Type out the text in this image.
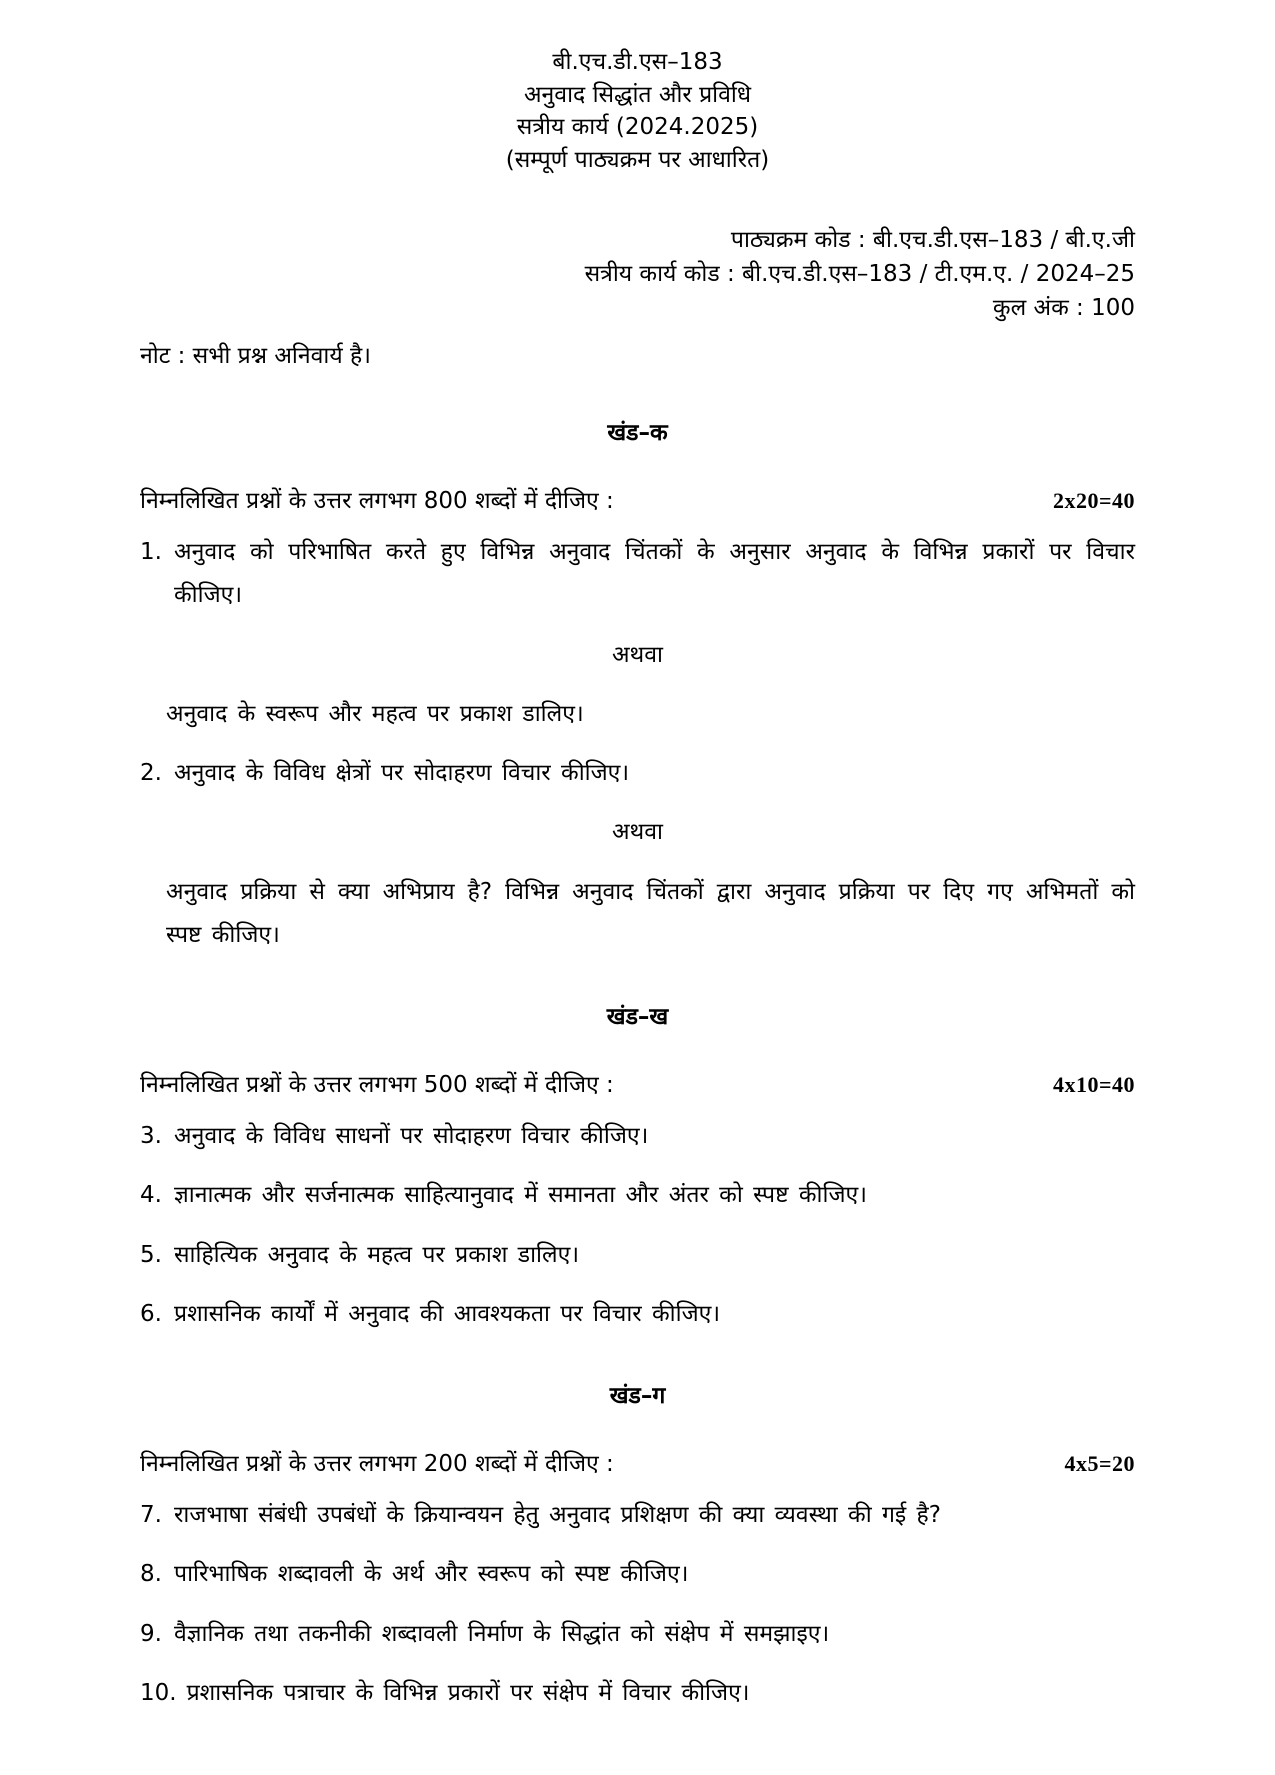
बी.एच.डी.एस–183
अनुवाद सिद्धांत और प्रविधि
सत्रीय कार्य (2024.2025)
(सम्पूर्ण पाठ्यक्रम पर आधारित)
पाठ्यक्रम कोड : बी.एच.डी.एस–183 / बी.ए.जी
सत्रीय कार्य कोड : बी.एच.डी.एस–183 / टी.एम.ए. / 2024–25
कुल अंक : 100
नोट : सभी प्रश्न अनिवार्य है।
खंड–क
निम्नलिखित प्रश्नों के उत्तर लगभग 800 शब्दों में दीजिए :	2x20=40
1. अनुवाद को परिभाषित करते हुए विभिन्न अनुवाद चिंतकों के अनुसार अनुवाद के विभिन्न प्रकारों पर विचार कीजिए।
अथवा
अनुवाद के स्वरूप और महत्व पर प्रकाश डालिए।
2. अनुवाद के विविध क्षेत्रों पर सोदाहरण विचार कीजिए।
अथवा
अनुवाद प्रक्रिया से क्या अभिप्राय है? विभिन्न अनुवाद चिंतकों द्वारा अनुवाद प्रक्रिया पर दिए गए अभिमतों को स्पष्ट कीजिए।
खंड–ख
निम्नलिखित प्रश्नों के उत्तर लगभग 500 शब्दों में दीजिए :	4x10=40
3. अनुवाद के विविध साधनों पर सोदाहरण विचार कीजिए।
4. ज्ञानात्मक और सर्जनात्मक साहित्यानुवाद में समानता और अंतर को स्पष्ट कीजिए।
5. साहित्यिक अनुवाद के महत्व पर प्रकाश डालिए।
6. प्रशासनिक कार्यों में अनुवाद की आवश्यकता पर विचार कीजिए।
खंड–ग
निम्नलिखित प्रश्नों के उत्तर लगभग 200 शब्दों में दीजिए :	4x5=20
7. राजभाषा संबंधी उपबंधों के क्रियान्वयन हेतु अनुवाद प्रशिक्षण की क्या व्यवस्था की गई है?
8. पारिभाषिक शब्दावली के अर्थ और स्वरूप को स्पष्ट कीजिए।
9. वैज्ञानिक तथा तकनीकी शब्दावली निर्माण के सिद्धांत को संक्षेप में समझाइए।
10. प्रशासनिक पत्राचार के विभिन्न प्रकारों पर संक्षेप में विचार कीजिए।
